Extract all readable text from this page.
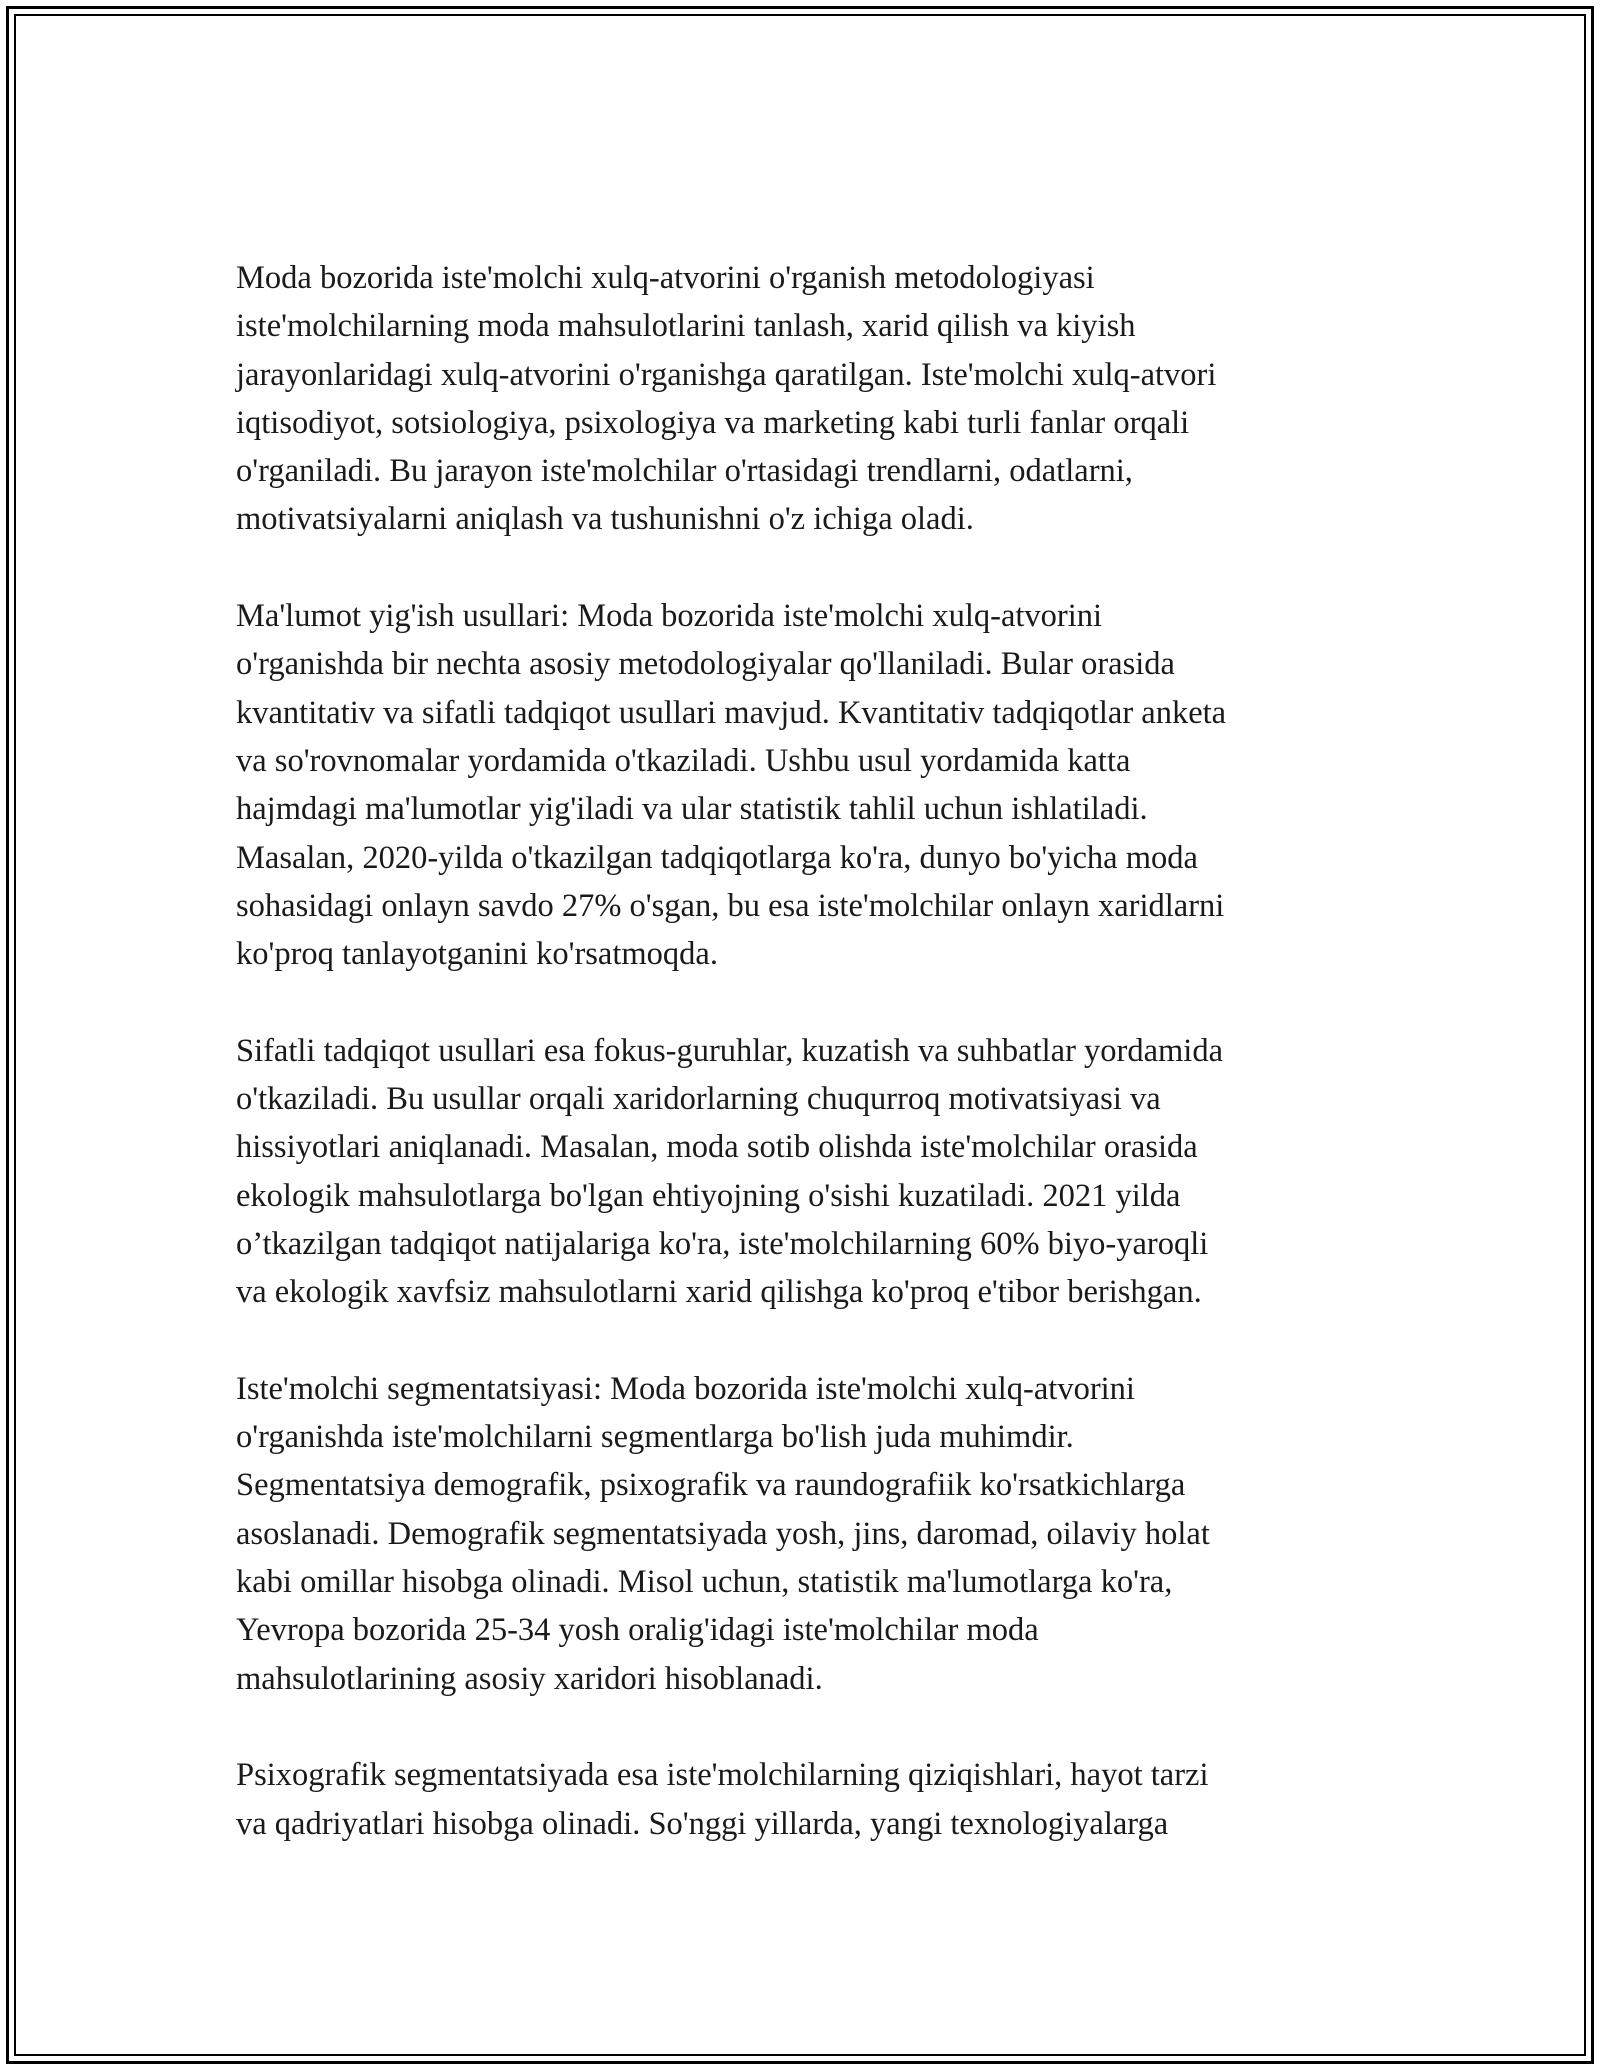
Moda bozorida iste'molchi xulq-atvorini o'rganish metodologiyasi
iste'molchilarning moda mahsulotlarini tanlash, xarid qilish va kiyish
jarayonlaridagi xulq-atvorini o'rganishga qaratilgan. Iste'molchi xulq-atvori
iqtisodiyot, sotsiologiya, psixologiya va marketing kabi turli fanlar orqali
o'rganiladi. Bu jarayon iste'molchilar o'rtasidagi trendlarni, odatlarni,
motivatsiyalarni aniqlash va tushunishni o'z ichiga oladi.

Ma'lumot yig'ish usullari: Moda bozorida iste'molchi xulq-atvorini
o'rganishda bir nechta asosiy metodologiyalar qo'llaniladi. Bular orasida
kvantitativ va sifatli tadqiqot usullari mavjud. Kvantitativ tadqiqotlar anketa
va so'rovnomalar yordamida o'tkaziladi. Ushbu usul yordamida katta
hajmdagi ma'lumotlar yig'iladi va ular statistik tahlil uchun ishlatiladi.
Masalan, 2020-yilda o'tkazilgan tadqiqotlarga ko'ra, dunyo bo'yicha moda
sohasidagi onlayn savdo 27% o'sgan, bu esa iste'molchilar onlayn xaridlarni
ko'proq tanlayotganini ko'rsatmoqda.

Sifatli tadqiqot usullari esa fokus-guruhlar, kuzatish va suhbatlar yordamida
o'tkaziladi. Bu usullar orqali xaridorlarning chuqurroq motivatsiyasi va
hissiyotlari aniqlanadi. Masalan, moda sotib olishda iste'molchilar orasida
ekologik mahsulotlarga bo'lgan ehtiyojning o'sishi kuzatiladi. 2021 yilda
o’tkazilgan tadqiqot natijalariga ko'ra, iste'molchilarning 60% biyo-yaroqli
va ekologik xavfsiz mahsulotlarni xarid qilishga ko'proq e'tibor berishgan.

Iste'molchi segmentatsiyasi: Moda bozorida iste'molchi xulq-atvorini
o'rganishda iste'molchilarni segmentlarga bo'lish juda muhimdir.
Segmentatsiya demografik, psixografik va raundografiik ko'rsatkichlarga
asoslanadi. Demografik segmentatsiyada yosh, jins, daromad, oilaviy holat
kabi omillar hisobga olinadi. Misol uchun, statistik ma'lumotlarga ko'ra,
Yevropa bozorida 25-34 yosh oralig'idagi iste'molchilar moda
mahsulotlarining asosiy xaridori hisoblanadi.

Psixografik segmentatsiyada esa iste'molchilarning qiziqishlari, hayot tarzi
va qadriyatlari hisobga olinadi. So'nggi yillarda, yangi texnologiyalarga
